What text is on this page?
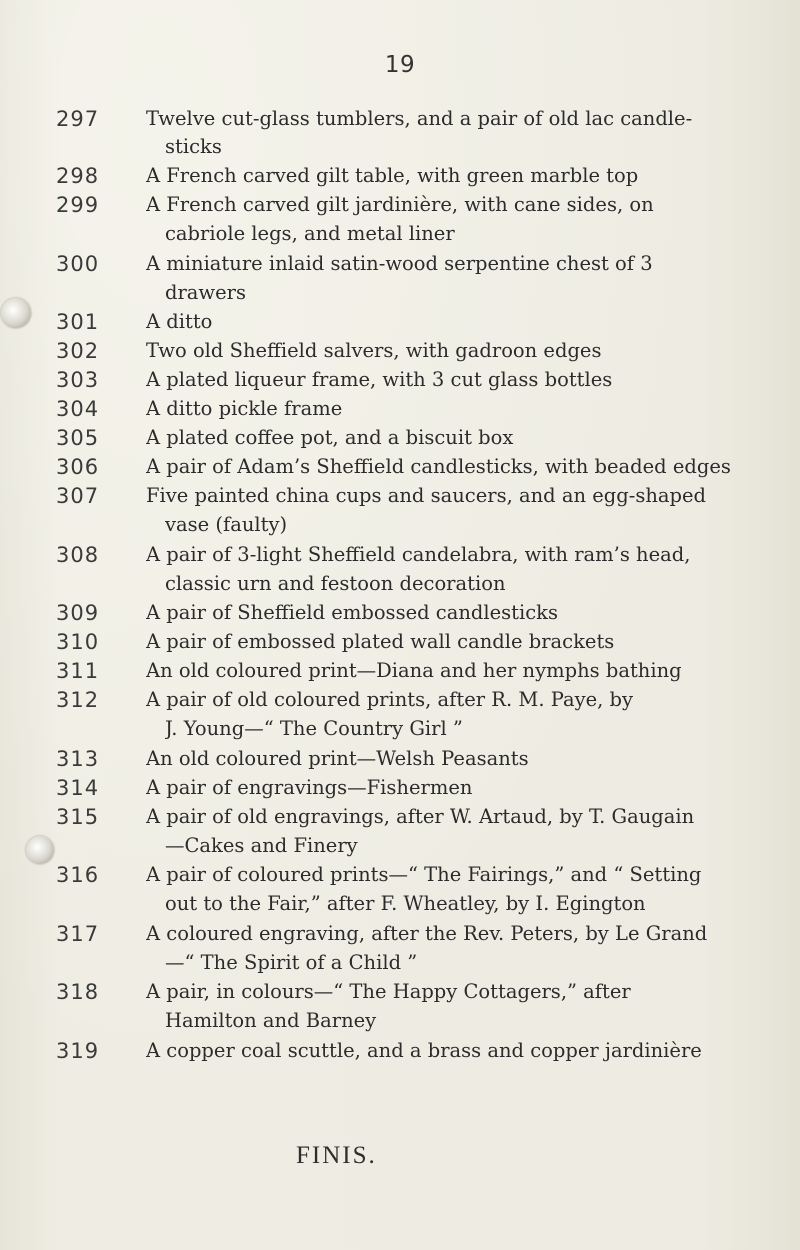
19
297 Twelve cut-glass tumblers, and a pair of old lac candle-
sticks
298 A French carved gilt table, with green marble top
299 A French carved gilt jardinière, with cane sides, on
cabriole legs, and metal liner
300 A miniature inlaid satin-wood serpentine chest of 3
drawers
301 A ditto
302 Two old Sheffield salvers, with gadroon edges
303 A plated liqueur frame, with 3 cut glass bottles
304 A ditto pickle frame
305 A plated coffee pot, and a biscuit box
306 A pair of Adam’s Sheffield candlesticks, with beaded edges
307 Five painted china cups and saucers, and an egg-shaped
vase (faulty)
308 A pair of 3-light Sheffield candelabra, with ram’s head,
classic urn and festoon decoration
309 A pair of Sheffield embossed candlesticks
310 A pair of embossed plated wall candle brackets
311 An old coloured print—Diana and her nymphs bathing
312 A pair of old coloured prints, after R. M. Paye, by
J. Young—“ The Country Girl ”
313 An old coloured print—Welsh Peasants
314 A pair of engravings—Fishermen
315 A pair of old engravings, after W. Artaud, by T. Gaugain
—Cakes and Finery
316 A pair of coloured prints—“ The Fairings,” and “ Setting
out to the Fair,” after F. Wheatley, by I. Egington
317 A coloured engraving, after the Rev. Peters, by Le Grand
—“ The Spirit of a Child ”
318 A pair, in colours—“ The Happy Cottagers,” after
Hamilton and Barney
319 A copper coal scuttle, and a brass and copper jardinière
FINIS.
